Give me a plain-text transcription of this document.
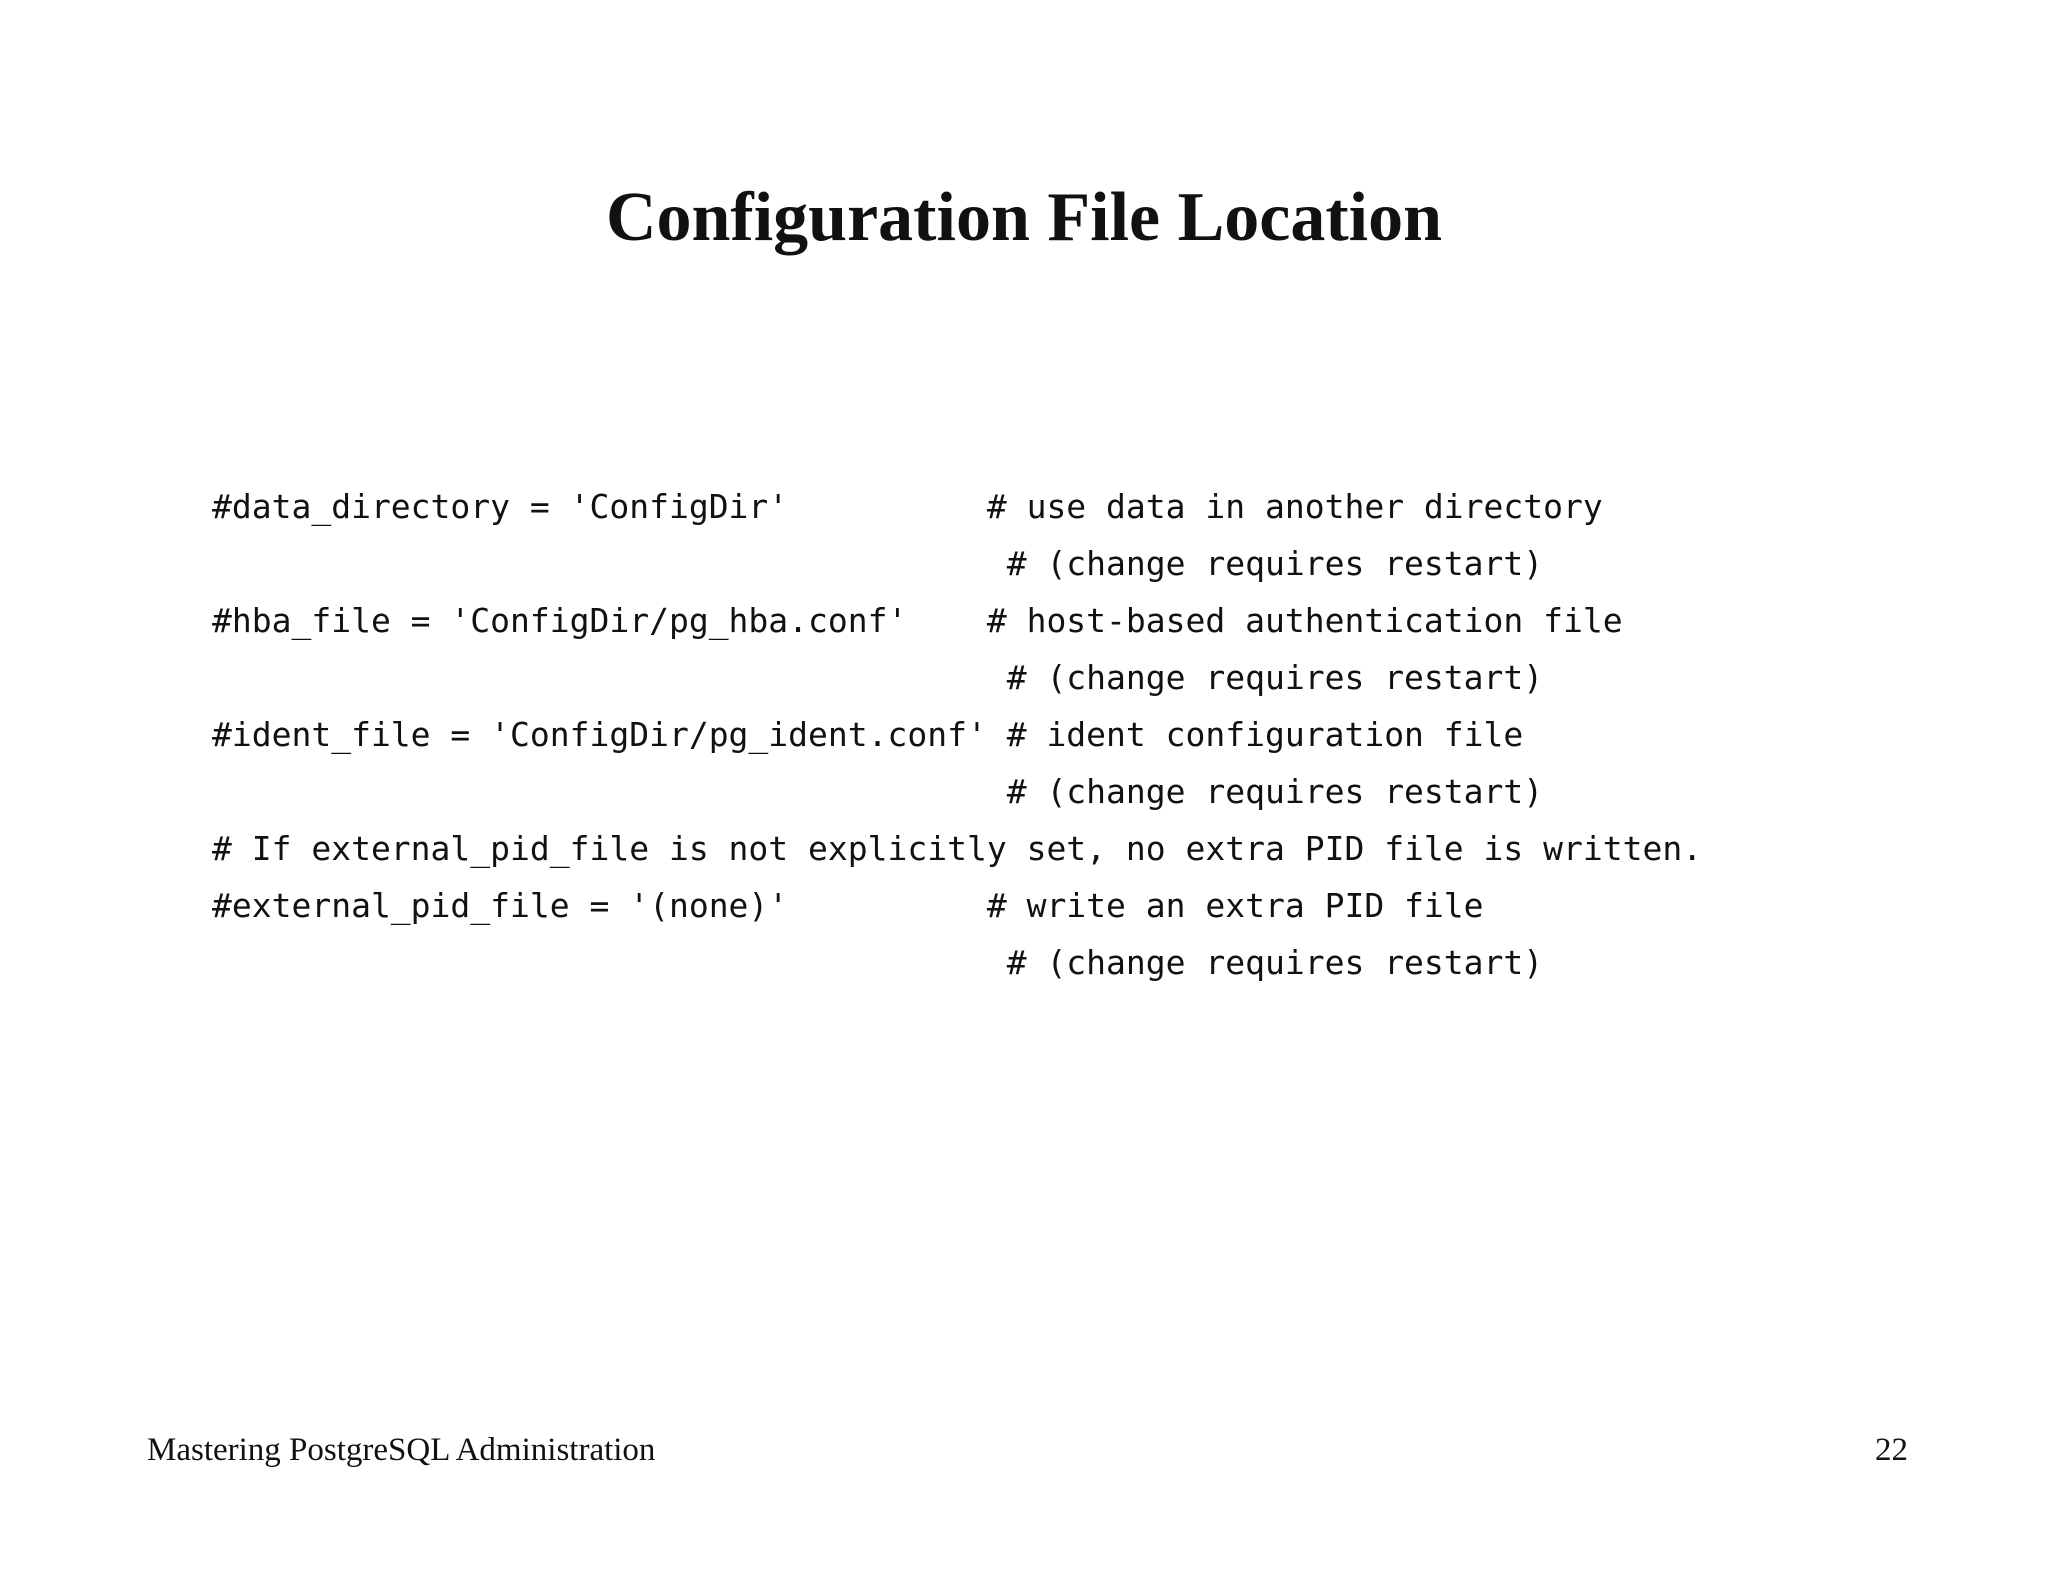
Configuration File Location
#data_directory = 'ConfigDir'          # use data in another directory
# (change requires restart)
#hba_file = 'ConfigDir/pg_hba.conf'    # host-based authentication file
# (change requires restart)
#ident_file = 'ConfigDir/pg_ident.conf' # ident configuration file
# (change requires restart)
# If external_pid_file is not explicitly set, no extra PID file is written.
#external_pid_file = '(none)'          # write an extra PID file
# (change requires restart)
Mastering PostgreSQL Administration	22
